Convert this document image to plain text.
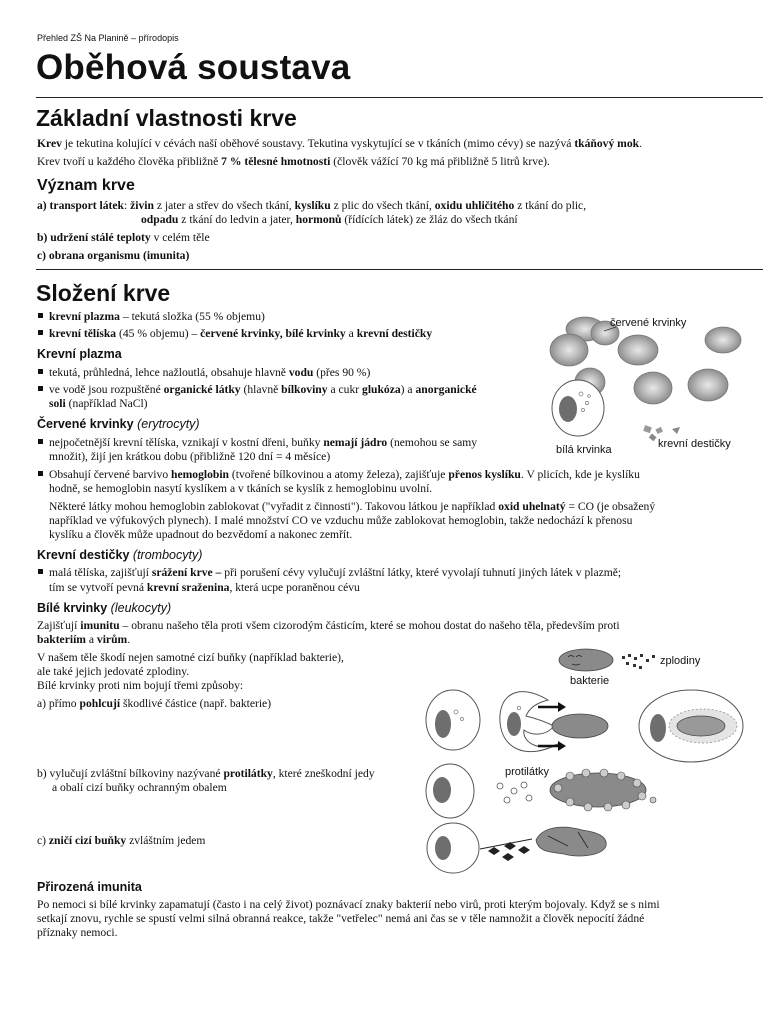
Přehled ZŠ Na Planině – přírodopis
Oběhová soustava
Základní vlastnosti krve
Krev je tekutina kolující v cévách naší oběhové soustavy. Tekutina vyskytující se v tkáních (mimo cévy) se nazývá tkáňový mok.
Krev tvoří u každého člověka přibližně 7 % tělesné hmotnosti (člověk vážící 70 kg má přibližně 5 litrů krve).
Význam krve
a) transport látek: živin z jater a střev do všech tkání, kyslíku z plic do všech tkání, oxidu uhličitého z tkání do plic,
odpadu z tkání do ledvin a jater, hormonů (řídících látek) ze žláz do všech tkání
b) udržení stálé teploty v celém těle
c) obrana organismu (imunita)
Složení krve
krevní plazma – tekutá složka (55 % objemu)
krevní tělíska (45 % objemu) – červené krvinky, bílé krvinky a krevní destičky
Krevní plazma
tekutá, průhledná, lehce nažloutlá, obsahuje hlavně vodu (přes 90 %)
ve vodě jsou rozpuštěné organické látky (hlavně bílkoviny a cukr glukóza) a anorganické
soli (například NaCl)
Červené krvinky (erytrocyty)
nejpočetnější krevní tělíska, vznikají v kostní dřeni, buňky nemají jádro (nemohou se samy
množit), žijí jen krátkou dobu (přibližně 120 dní = 4 měsíce)
Obsahují červené barvivo hemoglobin (tvořené bílkovinou a atomy železa), zajišťuje přenos kyslíku. V plicích, kde je kyslíku
hodně, se hemoglobin nasytí kyslíkem a v tkáních se kyslík z hemoglobinu uvolní.
Některé látky mohou hemoglobin zablokovat ("vyřadit z činnosti"). Takovou látkou je například oxid uhelnatý = CO (je obsažený
například ve výfukových plynech). I malé množství CO ve vzduchu může zablokovat hemoglobin, takže nedochází k přenosu
kyslíku a člověk může upadnout do bezvědomí a nakonec zemřít.
Krevní destičky (trombocyty)
malá tělíska, zajišťují srážení krve – při porušení cévy vylučují zvláštní látky, které vyvolají tuhnutí jiných látek v plazmě;
tím se vytvoří pevná krevní sraženina, která ucpe poraněnou cévu
Bílé krvinky (leukocyty)
Zajišťují imunitu – obranu našeho těla proti všem cizorodým částicím, které se mohou dostat do našeho těla, především proti
bakteriím a virům.
V našem těle škodí nejen samotné cizí buňky (například bakterie),
ale také jejich jedovaté zplodiny.
Bílé krvinky proti nim bojují třemi způsoby:
a) přímo pohlcují škodlivé částice (např. bakterie)
b) vylučují zvláštní bílkoviny nazývané protilátky, které zneškodní jedy
a obalí cizí buňky ochranným obalem
c) zničí cizí buňky zvláštním jedem
Přirozená imunita
Po nemoci si bílé krvinky zapamatují (často i na celý život) poznávací znaky bakterií nebo virů, proti kterým bojovaly. Když se s nimi
setkají znovu, rychle se spustí velmi silná obranná reakce, takže "vetřelec" nemá ani čas se v těle namnožit a člověk nepocítí žádné
příznaky nemoci.
červené krvinky
bílá krvinka	krevní destičky
zplodiny
bakterie
protilátky
